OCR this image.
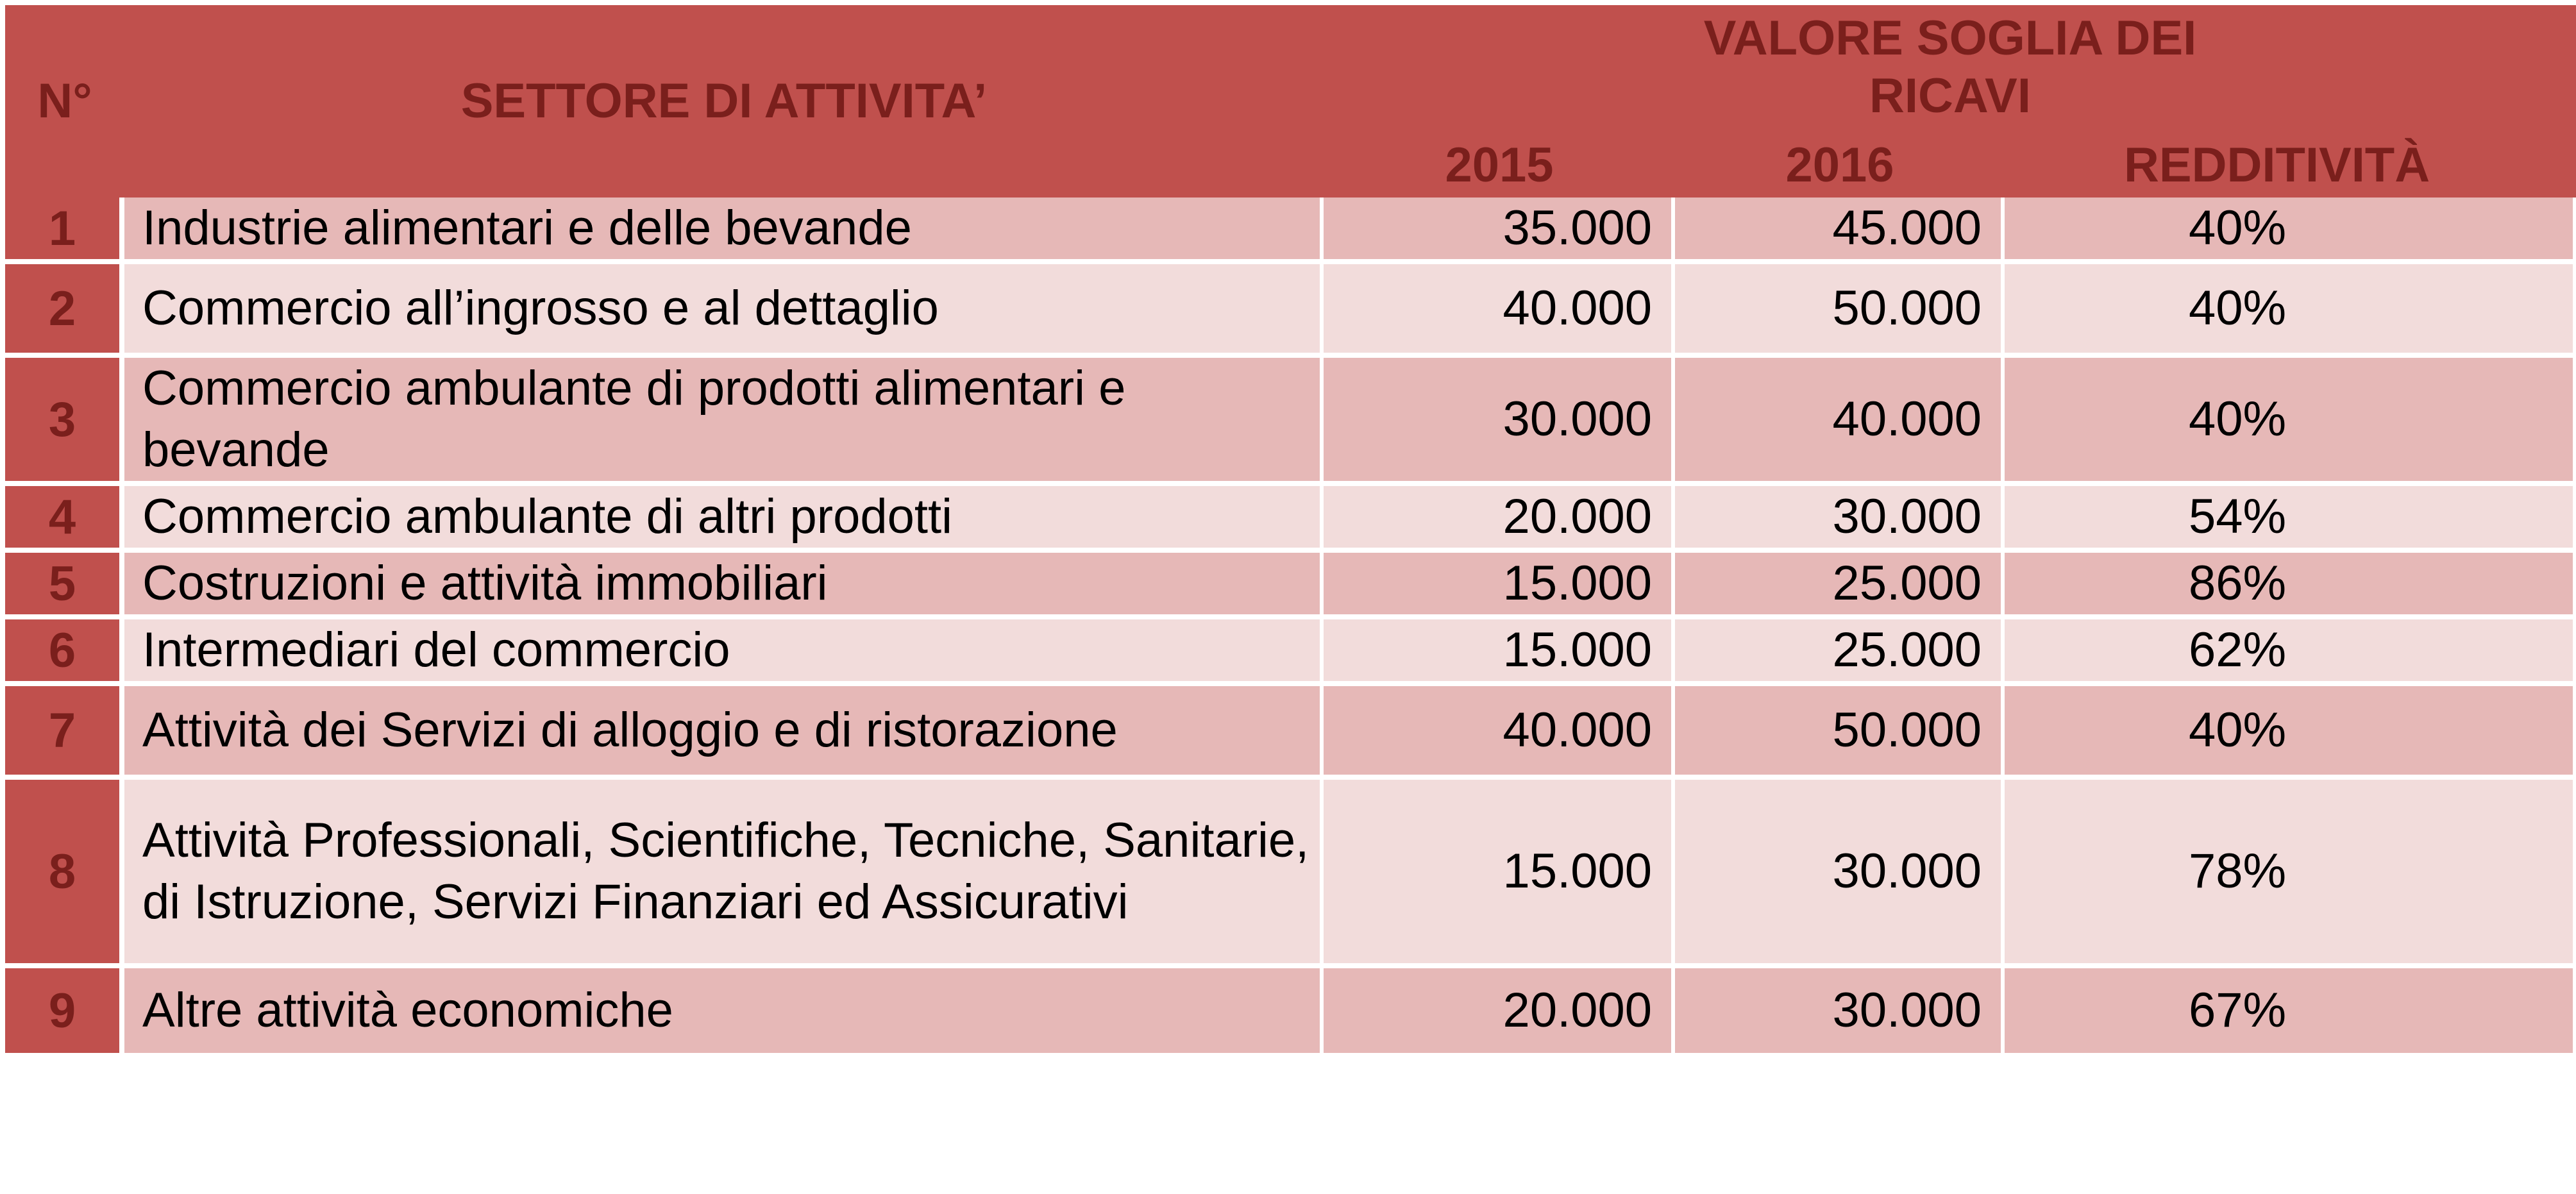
N°	SETTORE DI ATTIVITA’	VALORE SOGLIA DEI
RICAVI		

		2015	2016	REDDITIVITÀ
1	Industrie alimentari e delle bevande	35.000	45.000	40%
2	Commercio all’ingrosso e al dettaglio	40.000	50.000	40%
3	Commercio ambulante di prodotti alimentari e bevande	30.000	40.000	40%
4	Commercio ambulante di altri prodotti	20.000	30.000	54%
5	Costruzioni e attività immobiliari	15.000	25.000	86%
6	Intermediari del commercio	15.000	25.000	62%
7	Attività dei Servizi di alloggio e di ristorazione	40.000	50.000	40%
8	Attività Professionali, Scientifiche, Tecniche, Sanitarie, di Istruzione, Servizi Finanziari ed Assicurativi	15.000	30.000	78%
9	Altre attività economiche	20.000	30.000	67%
